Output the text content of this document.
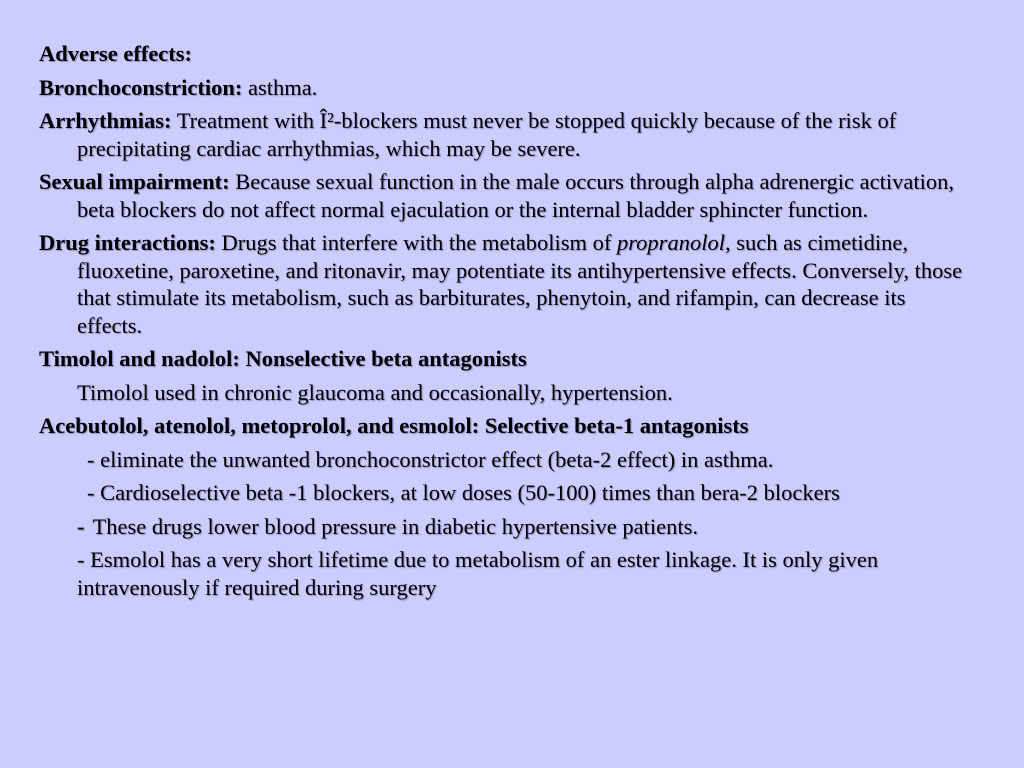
Adverse effects:

Bronchoconstriction: asthma.

Arrhythmias: Treatment with Î²-blockers must never be stopped quickly because of the risk of precipitating cardiac arrhythmias, which may be severe.

Sexual impairment: Because sexual function in the male occurs through alpha adrenergic activation, beta blockers do not affect normal ejaculation or the internal bladder sphincter function.

Drug interactions: Drugs that interfere with the metabolism of propranolol, such as cimetidine, fluoxetine, paroxetine, and ritonavir, may potentiate its antihypertensive effects. Conversely, those that stimulate its metabolism, such as barbiturates, phenytoin, and rifampin, can decrease its effects.

Timolol and nadolol: Nonselective beta antagonists

Timolol used in chronic glaucoma and occasionally, hypertension.

Acebutolol, atenolol, metoprolol, and esmolol: Selective beta-1 antagonists

- eliminate the unwanted bronchoconstrictor effect (beta-2 effect) in asthma.

- Cardioselective beta -1 blockers, at low doses (50-100) times than bera-2 blockers

- These drugs lower blood pressure in diabetic hypertensive patients.

- Esmolol has a very short lifetime due to metabolism of an ester linkage. It is only given intravenously if required during surgery
